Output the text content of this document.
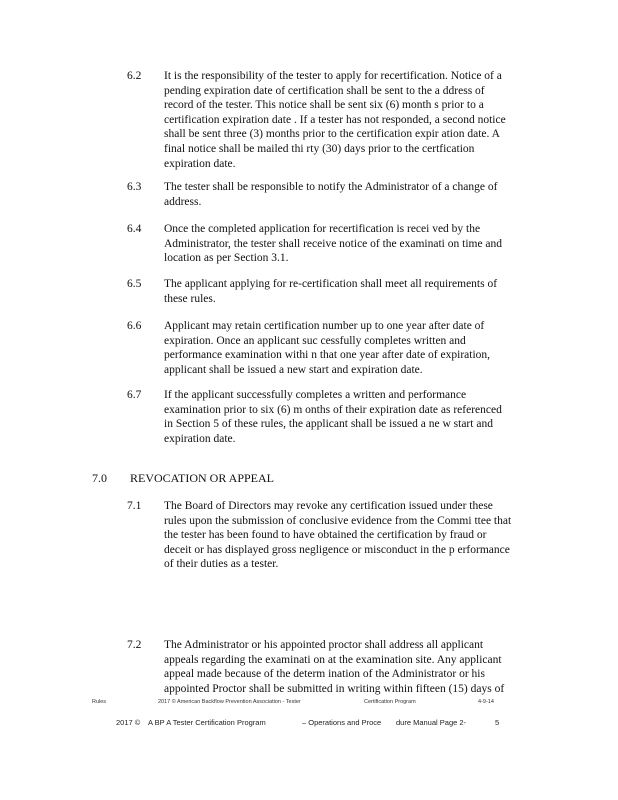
6.2 It is the responsibility of the tester to apply for recertification. Notice of a
pending expiration date of certification shall be sent to the a ddress of
record of the tester. This notice shall be sent six (6) month s prior to a
certification expiration date . If a tester has not responded, a second notice
shall be sent three (3) months prior to the certification expir ation date. A
final notice shall be mailed thi rty (30) days prior to the certfication
expiration date.
6.3 The tester shall be responsible to notify the Administrator of a change of
address.
6.4 Once the completed application for recertification is recei ved by the
Administrator, the tester shall receive notice of the examinati on time and
location as per Section 3.1.
6.5 The applicant applying for re-certification shall meet all requirements of
these rules.
6.6 Applicant may retain certification number up to one year after date of
expiration. Once an applicant suc cessfully completes written and
performance examination withi n that one year after date of expiration,
applicant shall be issued a new start and expiration date.
6.7 If the applicant successfully completes a written and performance
examination prior to six (6) m onths of their expiration date as referenced
in Section 5 of these rules, the applicant shall be issued a ne w start and
expiration date.
7.0 REVOCATION OR APPEAL
7.1 The Board of Directors may revoke any certification issued under these
rules upon the submission of conclusive evidence from the Commi ttee that
the tester has been found to have obtained the certification by fraud or
deceit or has displayed gross negligence or misconduct in the p erformance
of their duties as a tester.
7.2 The Administrator or his appointed proctor shall address all applicant
appeals regarding the examinati on at the examination site. Any applicant
appeal made because of the determ ination of the Administrator or his
appointed Proctor shall be submitted in writing within fifteen (15) days of
Rules	2017 © American Backflow Prevention Association - Tester	Certification Program	4-9-14
2017 © A BP A Tester Certification Program	– Operations and Proce dure Manual Page 2-	5
